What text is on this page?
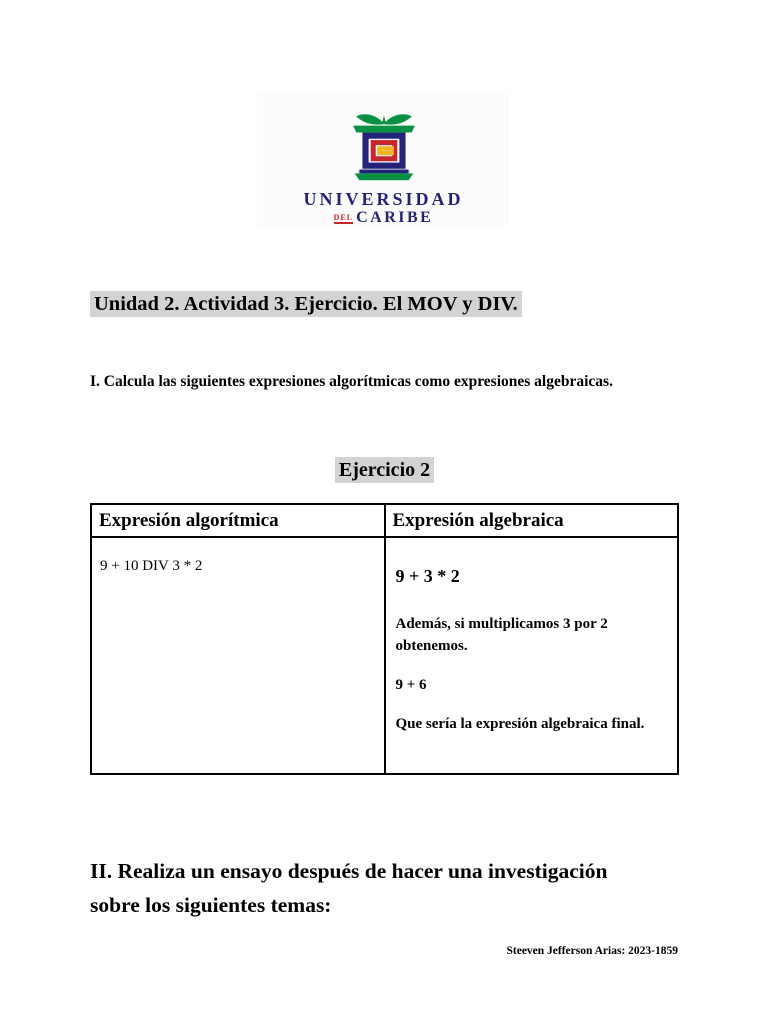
UNIVERSIDAD
DEL CARIBE
Unidad 2. Actividad 3. Ejercicio. El MOV y DIV.
I. Calcula las siguientes expresiones algorítmicas como expresiones algebraicas.
Ejercicio 2
Expresión algorítmica	Expresión algebraica
9 + 10 DIV 3 * 2	9 + 3 * 2

Además, si multiplicamos 3 por 2 obtenemos.

9 + 6

Que sería la expresión algebraica final.

II. Realiza un ensayo después de hacer una investigación sobre los siguientes temas:
Steeven Jefferson Arias: 2023-1859
